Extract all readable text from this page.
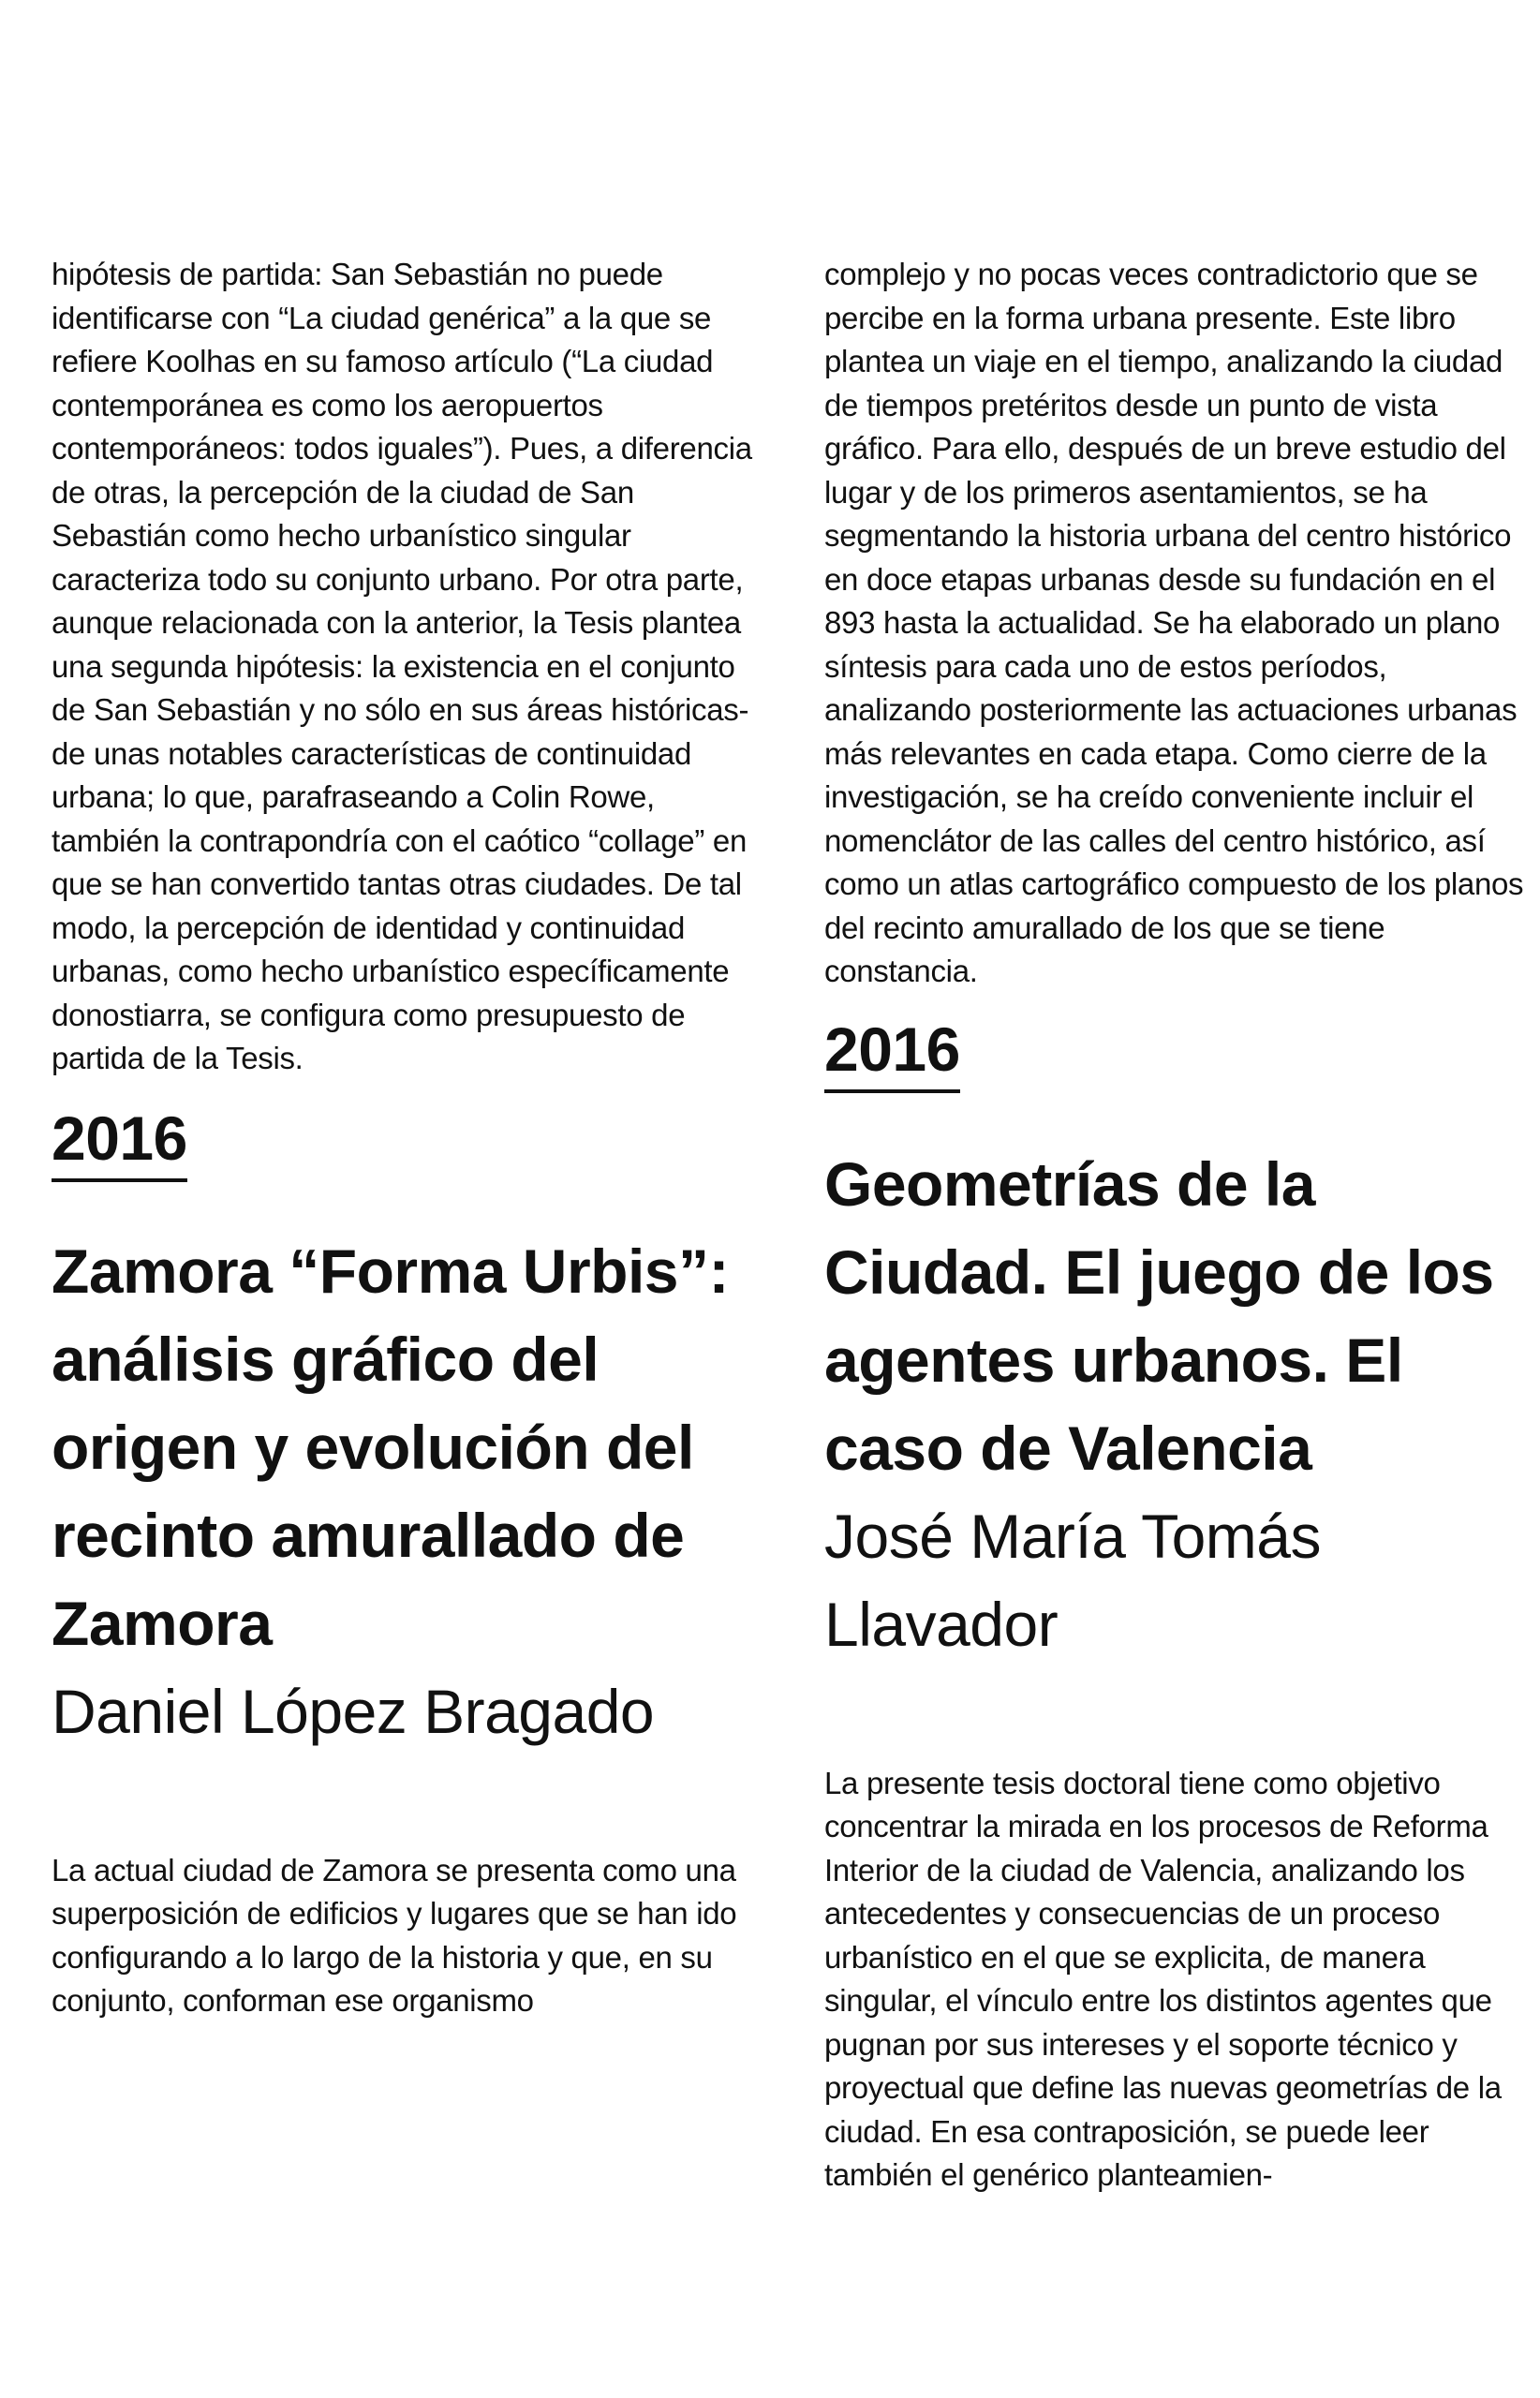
hipótesis de partida: San Sebastián no puede identificarse con “La ciudad genérica” a la que se refiere Koolhas en su famoso artículo (“La ciudad contemporánea es como los aeropuertos contemporáneos: todos iguales”). Pues, a diferencia de otras, la percepción de la ciudad de San Sebastián como hecho urbanístico singular caracteriza todo su conjunto urbano. Por otra parte, aunque relacionada con la anterior, la Tesis plantea una segunda hipótesis: la existencia en el conjunto de San Sebastián y no sólo en sus áreas históricas- de unas notables características de continuidad urbana; lo que, parafraseando a Colin Rowe, también la contrapondría con el caótico “collage” en que se han convertido tantas otras ciudades. De tal modo, la percepción de identidad y continuidad urbanas, como hecho urbanístico específicamente donostiarra, se configura como presupuesto de partida de la Tesis.

2016
Zamora “Forma Urbis”: análisis gráfico del origen y evolución del recinto amurallado de Zamora

Daniel López Bragado

La actual ciudad de Zamora se presenta como una superposición de edificios y lugares que se han ido configurando a lo largo de la historia y que, en su conjunto, conforman ese organismo

complejo y no pocas veces contradictorio que se percibe en la forma urbana presente. Este libro plantea un viaje en el tiempo, analizando la ciudad de tiempos pretéritos desde un punto de vista gráfico. Para ello, después de un breve estudio del lugar y de los primeros asentamientos, se ha segmentando la historia urbana del centro histórico en doce etapas urbanas desde su fundación en el 893 hasta la actualidad. Se ha elaborado un plano síntesis para cada uno de estos períodos, analizando posteriormente las actuaciones urbanas más relevantes en cada etapa. Como cierre de la investigación, se ha creído conveniente incluir el nomenclátor de las calles del centro histórico, así como un atlas cartográfico compuesto de los planos del recinto amurallado de los que se tiene constancia.

2016
Geometrías de la Ciudad. El juego de los agentes urbanos. El caso de Valencia

José María Tomás Llavador

La presente tesis doctoral tiene como objetivo concentrar la mirada en los procesos de Reforma Interior de la ciudad de Valencia, analizando los antecedentes y consecuencias de un proceso urbanístico en el que se explicita, de manera singular, el vínculo entre los distintos agentes que pugnan por sus intereses y el soporte técnico y proyectual que define las nuevas geometrías de la ciudad. En esa contraposición, se puede leer también el genérico planteamien-
